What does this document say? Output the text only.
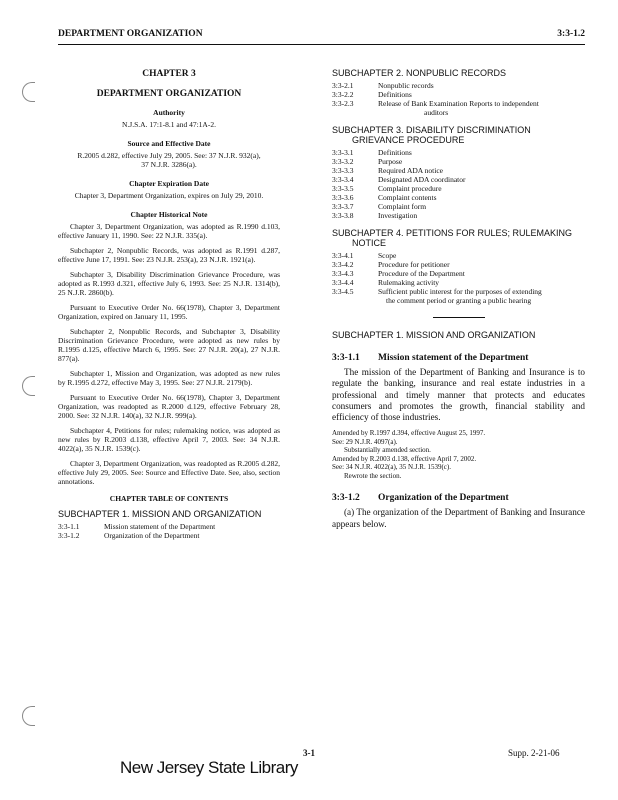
DEPARTMENT ORGANIZATION	3:3-1.2
CHAPTER 3
DEPARTMENT ORGANIZATION
Authority
N.J.S.A. 17:1-8.1 and 47:1A-2.
Source and Effective Date
R.2005 d.282, effective July 29, 2005. See: 37 N.J.R. 932(a), 37 N.J.R. 3286(a).
Chapter Expiration Date
Chapter 3, Department Organization, expires on July 29, 2010.
Chapter Historical Note

Chapter 3, Department Organization, was adopted as R.1990 d.103, effective January 11, 1990. See: 22 N.J.R. 335(a).

Subchapter 2, Nonpublic Records, was adopted as R.1991 d.287, effective June 17, 1991. See: 23 N.J.R. 253(a), 23 N.J.R. 1921(a).

Subchapter 3, Disability Discrimination Grievance Procedure, was adopted as R.1993 d.321, effective July 6, 1993. See: 25 N.J.R. 1314(b), 25 N.J.R. 2860(b).

Pursuant to Executive Order No. 66(1978), Chapter 3, Department Organization, expired on January 11, 1995.

Subchapter 2, Nonpublic Records, and Subchapter 3, Disability Discrimination Grievance Procedure, were adopted as new rules by R.1995 d.125, effective March 6, 1995. See: 27 N.J.R. 20(a), 27 N.J.R. 877(a).

Subchapter 1, Mission and Organization, was adopted as new rules by R.1995 d.272, effective May 3, 1995. See: 27 N.J.R. 2179(b).

Pursuant to Executive Order No. 66(1978), Chapter 3, Department Organization, was readopted as R.2000 d.129, effective February 28, 2000. See: 32 N.J.R. 140(a), 32 N.J.R. 999(a).

Subchapter 4, Petitions for rules; rulemaking notice, was adopted as new rules by R.2003 d.138, effective April 7, 2003. See: 34 N.J.R. 4022(a), 35 N.J.R. 1539(c).

Chapter 3, Department Organization, was readopted as R.2005 d.282, effective July 29, 2005. See: Source and Effective Date. See, also, section annotations.

CHAPTER TABLE OF CONTENTS

SUBCHAPTER 1. MISSION AND ORGANIZATION

3:3-1.1	Mission statement of the Department
3:3-1.2	Organization of the Department

SUBCHAPTER 2. NONPUBLIC RECORDS

3:3-2.1	Nonpublic records
3:3-2.2	Definitions
3:3-2.3	Release of Bank Examination Reports to independent
auditors

SUBCHAPTER 3. DISABILITY DISCRIMINATION

GRIEVANCE PROCEDURE

3:3-3.1	Definitions
3:3-3.2	Purpose
3:3-3.3	Required ADA notice
3:3-3.4	Designated ADA coordinator
3:3-3.5	Complaint procedure
3:3-3.6	Complaint contents
3:3-3.7	Complaint form
3:3-3.8	Investigation

SUBCHAPTER 4. PETITIONS FOR RULES; RULEMAKING

NOTICE

3:3-4.1	Scope
3:3-4.2	Procedure for petitioner
3:3-4.3	Procedure of the Department
3:3-4.4	Rulemaking activity
3:3-4.5	Sufficient public interest for the purposes of extending
the comment period or granting a public hearing

SUBCHAPTER 1. MISSION AND ORGANIZATION

3:3-1.1 Mission statement of the Department

The mission of the Department of Banking and Insurance is to regulate the banking, insurance and real estate industries in a professional and timely manner that protects and educates consumers and promotes the growth, financial stability and efficiency of those industries.

Amended by R.1997 d.394, effective August 25, 1997.
See: 29 N.J.R. 4097(a).
Substantially amended section.
Amended by R.2003 d.138, effective April 7, 2002.
See: 34 N.J.R. 4022(a), 35 N.J.R. 1539(c).
Rewrote the section.
3:3-1.2 Organization of the Department

(a) The organization of the Department of Banking and Insurance appears below.

3-1	Supp. 2-21-06
New Jersey State Library
